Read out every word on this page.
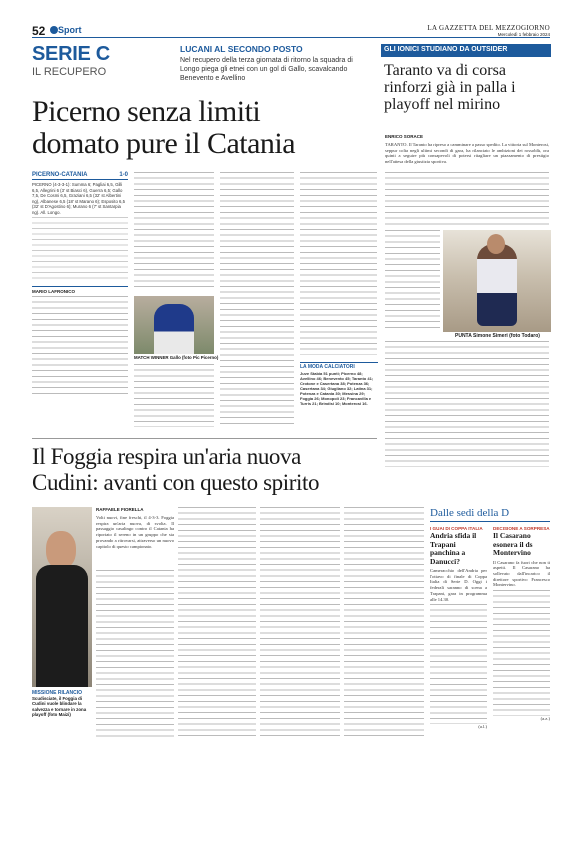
52	Sport	LA GAZZETTA DEL MEZZOGIORNO
Mercoledì 1 febbraio 2024
SERIE C
IL RECUPERO
LUCANI AL SECONDO POSTO
Nel recupero della terza giornata di ritorno la squadra di Longo piega gli etnei con un gol di Gallo, scavalcando Benevento e Avellino
GLI IONICI STUDIANO DA OUTSIDER
Taranto va di corsa rinforzi già in palla i playoff nel mirino
ENRICO SORACE
TARANTO. Il Taranto ha ripreso a camminare a passo spedito. La vittoria sul Monterosi, seppur colta negli ultimi secondi di gara, ha rilanciato le ambizioni dei rossoblù, ora quinti a seguire più consapevoli di potersi ritagliare un piazzamento di prestigio nell'attesa della giustizia sportiva.
PUNTA Simone Simeri (foto Todaro)
Picerno senza limiti
domato pure il Catania
PICERNO-CATANIA	1-0
PICERNO (4-3-3-1): Summa 6; Pagliai 6,5, Gilli 6,5, Allegrini 6 (3' st Biasci 6), Guerra 6,5; Gallo 7,5, De Cosmi 6,5, Graziani 6,5 (32' st Albertini ng), Albanese 6,5 (18' st Marano 6); Esposito 6,5 (32' st D'Agostino 6); Murano 6 (7' st Santarpia ng). All. Longo.
MARIO LAFRONICO
MATCH WINNER Gallo (foto Pic Picerno)
LA MODA CALCIATORI
Juve Stabia 51 punti; Picerno 48; Avellino 46; Benevento 45; Taranto 41; Crotone e Casertana 38; Potenza 36; Casertana 34; Giugliano 32; Latina 31; Potenza e Catania 30; Messina 29; Foggia 26; Monopoli 23; Francavilla e Turris 21; Brindisi 10; Monterosi 16.
Il Foggia respira un'aria nuova
Cudini: avanti con questo spirito
RAFFAELE FIORELLA
Volti nuovi, fine freschi, il 4-3-3. Foggia respira un'aria nuova, di svolta. Il passaggio casalingo contro il Catania ha riportato il sereno in un gruppo che sta provando a ritrovarsi, attraverso un nuovo capitolo di questo campionato.
MISSIONE RILANCIO
Scudisciate, il Foggia di Cudini vuole blindare la salvezza e tornare in zona playoff (foto Maizi)
Dalle sedi della D
I GUAI DI COPPA ITALIA
Andria sfida il Trapani panchina a Danucci?
Cameracchio dell'Andria per l'ottavo di finale di Coppa Italia di Serie D. Oggi i federali saranno di scena a Trapani, gara in programma alle 14.30.
(a.l.)
DECISIONE A SORPRESA
Il Casarano esonera il ds Montervino
Il Casarano fa fuori che non ti aspetti. Il Casarano ha sollevato dall'incarico il direttore sportivo Francesco Montervino.
(a.z.)
